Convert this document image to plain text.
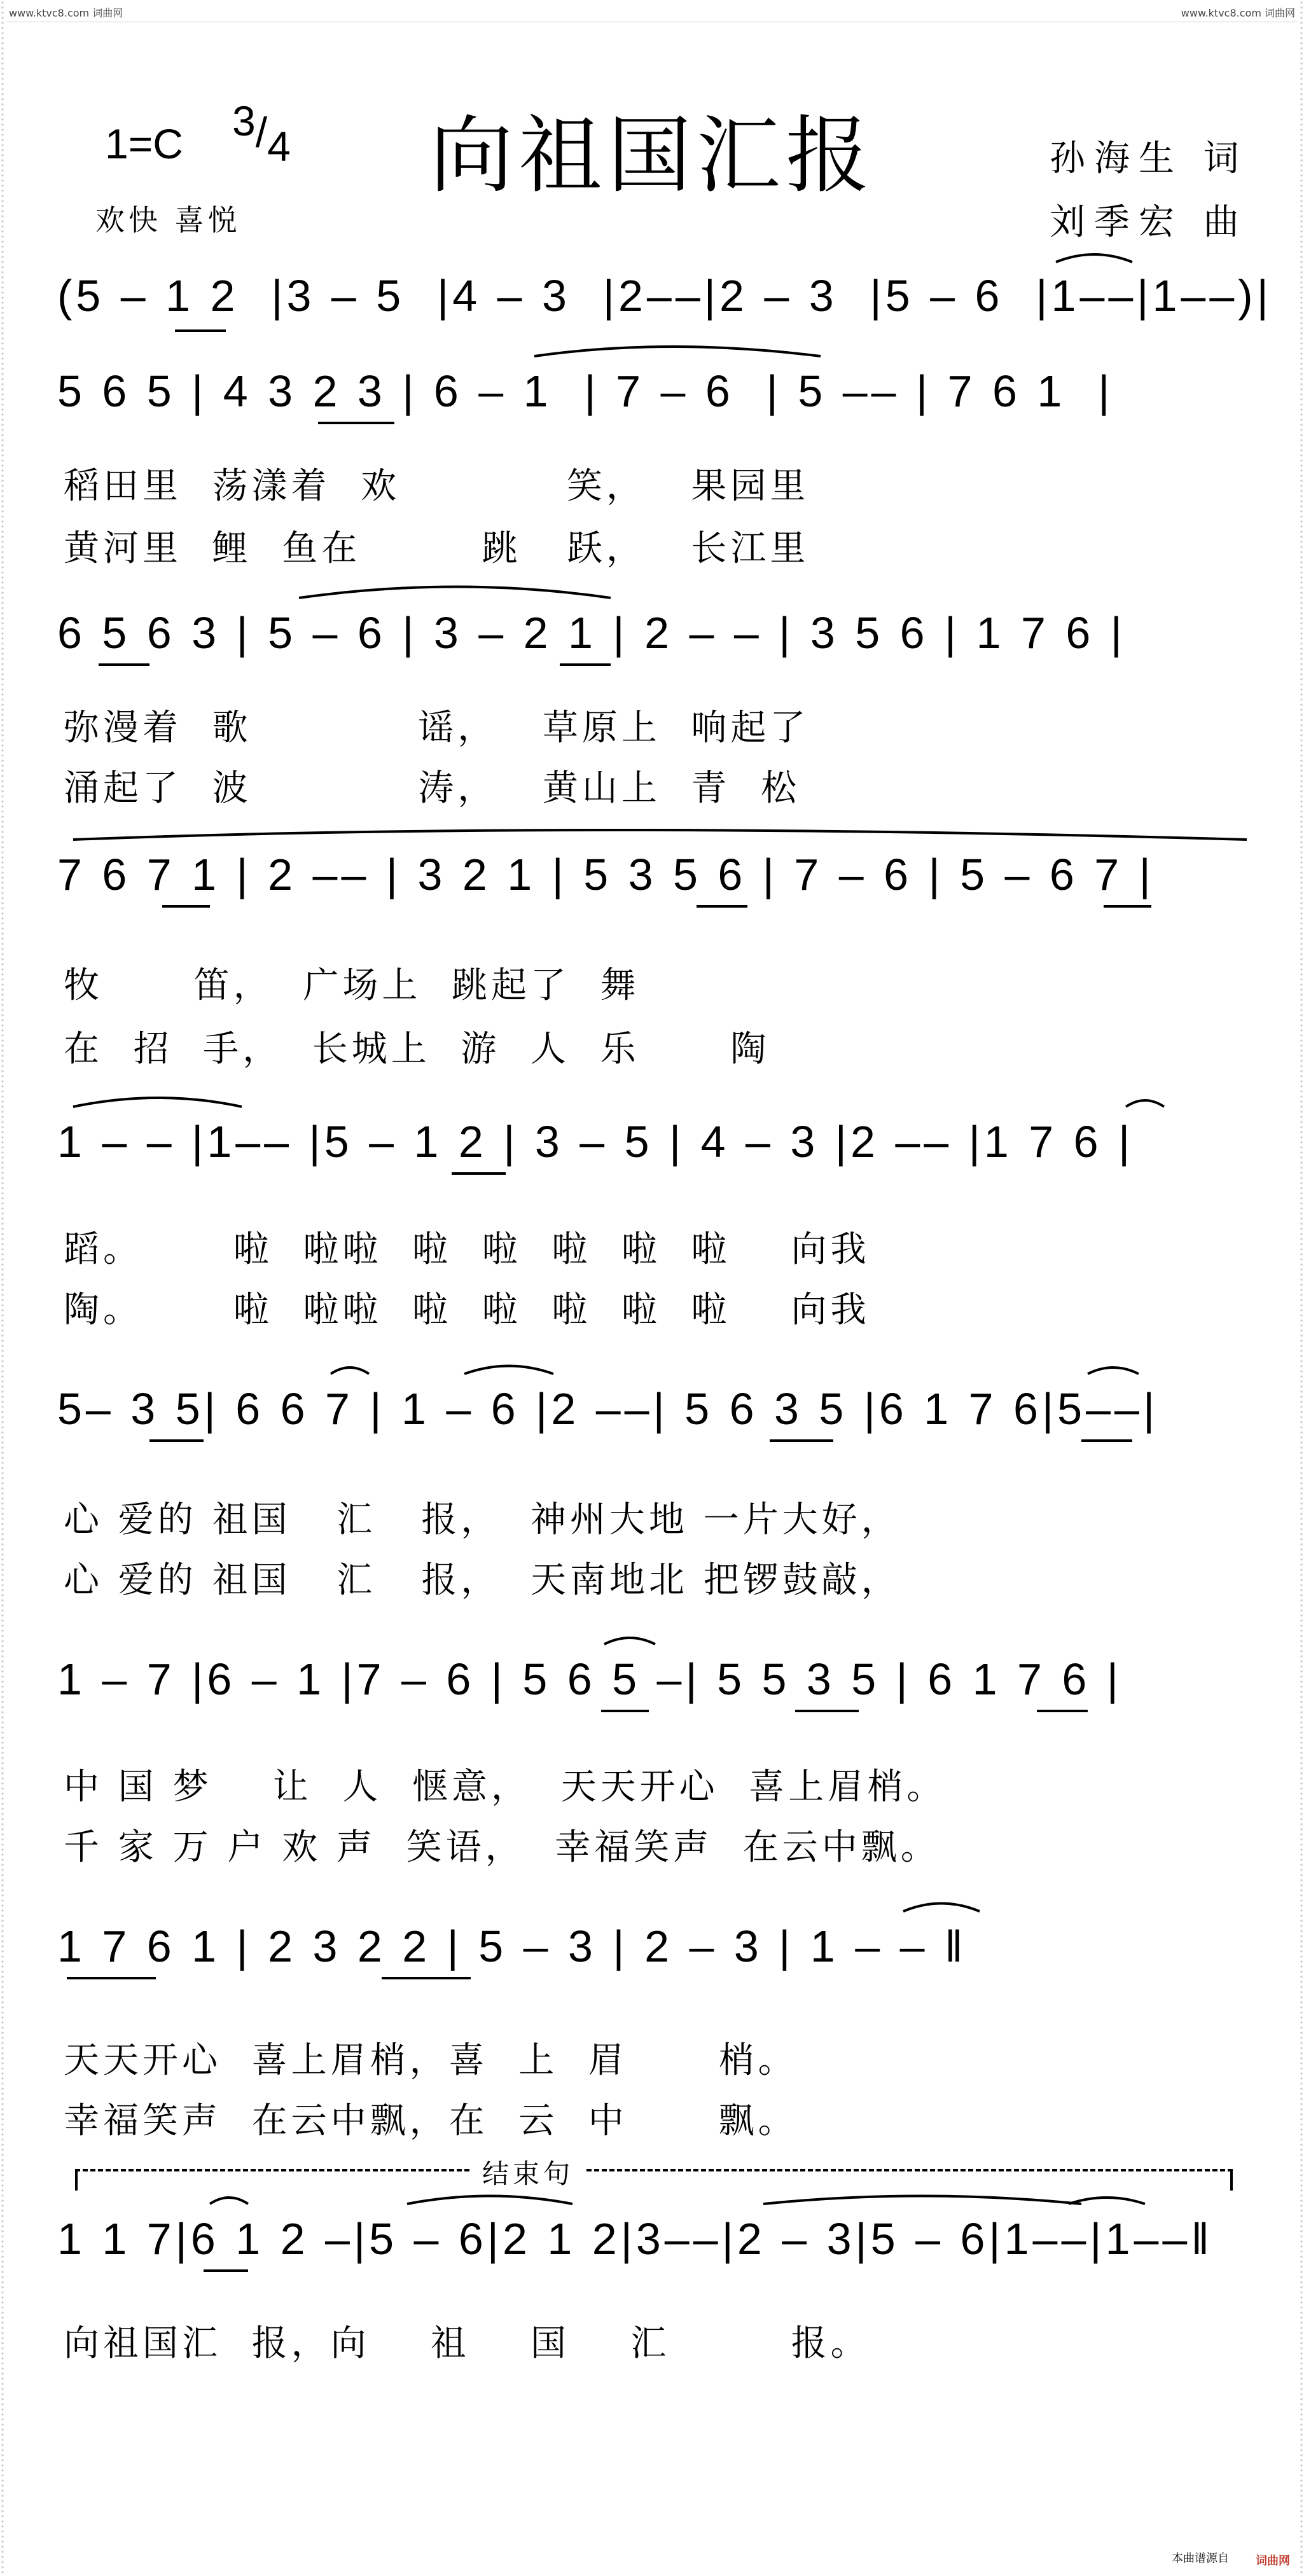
www.ktvc8.com 词曲网	www.ktvc8.com 词曲网
向祖国汇报
1=C 3/4
欢快 喜悦
孙海生 词
刘季宏 曲
(5 – 1 2  |3 – 5  |4 – 3  |2––|2 – 3  |5 – 6  |1––|1––)|
5 6 5 | 4 3 2 3 | 6 – 1  | 7 – 6  | 5 –– | 7 6 1  |
6 5 6 3 | 5 – 6 | 3 – 2 1 | 2 – – | 3 5 6 | 1 7 6 |
7 6 7 1 | 2 –– | 3 2 1 | 5 3 5 6 | 7 – 6 | 5 – 6 7 |
1 – – |1–– |5 – 1 2 | 3 – 5 | 4 – 3 |2 –– |1 7 6 |
5– 3 5| 6 6 7 | 1 – 6 |2 ––| 5 6 3 5 |6 1 7 6|5––|
1 – 7 |6 – 1 |7 – 6 | 5 6 5 –| 5 5 3 5 | 6 1 7 6 |
1 7 6 1 | 2 3 2 2 | 5 – 3 | 2 – 3 | 1 – – ‖
1 1 7|6 1 2 –|5 – 6|2 1 2|3––|2 – 3|5 – 6|1––|1––‖
稻田里  荡漾着  欢           笑，   果园里
黄河里  鲤  鱼在        跳   跃，   长江里
弥漫着  歌           谣，   草原上  响起了
涌起了  波           涛，   黄山上  青  松
牧      笛，  广场上  跳起了  舞
在  招  手，  长城上  游  人  乐      陶
蹈。      啦  啦啦  啦  啦  啦  啦  啦    向我
陶。      啦  啦啦  啦  啦  啦  啦  啦    向我
心 爱的 祖国   汇   报，  神州大地 一片大好，
心 爱的 祖国   汇   报，  天南地北 把锣鼓敲，
中 国 梦    让  人  惬意，  天天开心  喜上眉梢。
千 家 万 户 欢 声  笑语，  幸福笑声  在云中飘。
天天开心  喜上眉梢，喜  上  眉      梢。
幸福笑声  在云中飘，在  云  中      飘。
向祖国汇  报，向    祖    国    汇        报。
结束句
本曲谱源自 词曲网
